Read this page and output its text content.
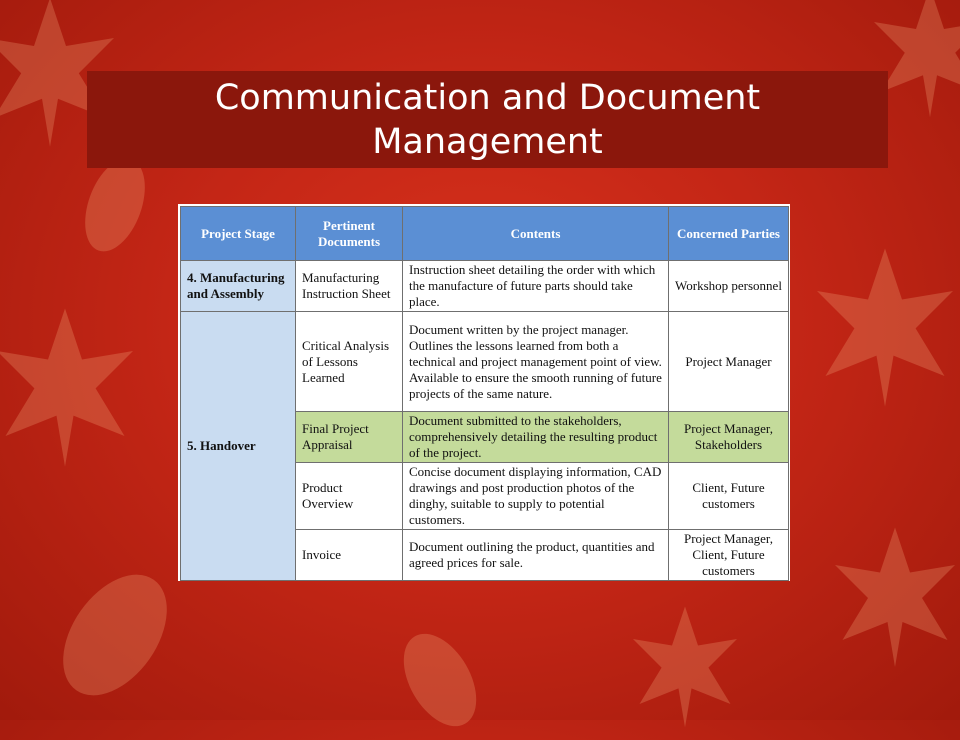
Communication and Document Management
Project Stage	Pertinent Documents	Contents	Concerned Parties
4. Manufacturing and Assembly	Manufacturing Instruction Sheet	Instruction sheet detailing the order with which the manufacture of future parts should take place.	Workshop personnel
5. Handover	Critical Analysis of Lessons Learned	Document written by the project manager. Outlines the lessons learned from both a technical and project management point of view. Available to ensure the smooth running of future projects of the same nature.	Project Manager
	Final Project Appraisal	Document submitted to the stakeholders, comprehensively detailing the resulting product of the project.	Project Manager, Stakeholders
	Product Overview	Concise document displaying information, CAD drawings and post production photos of the dinghy, suitable to supply to potential customers.	Client, Future customers
	Invoice	Document outlining the product, quantities and agreed prices for sale.	Project Manager, Client, Future customers
